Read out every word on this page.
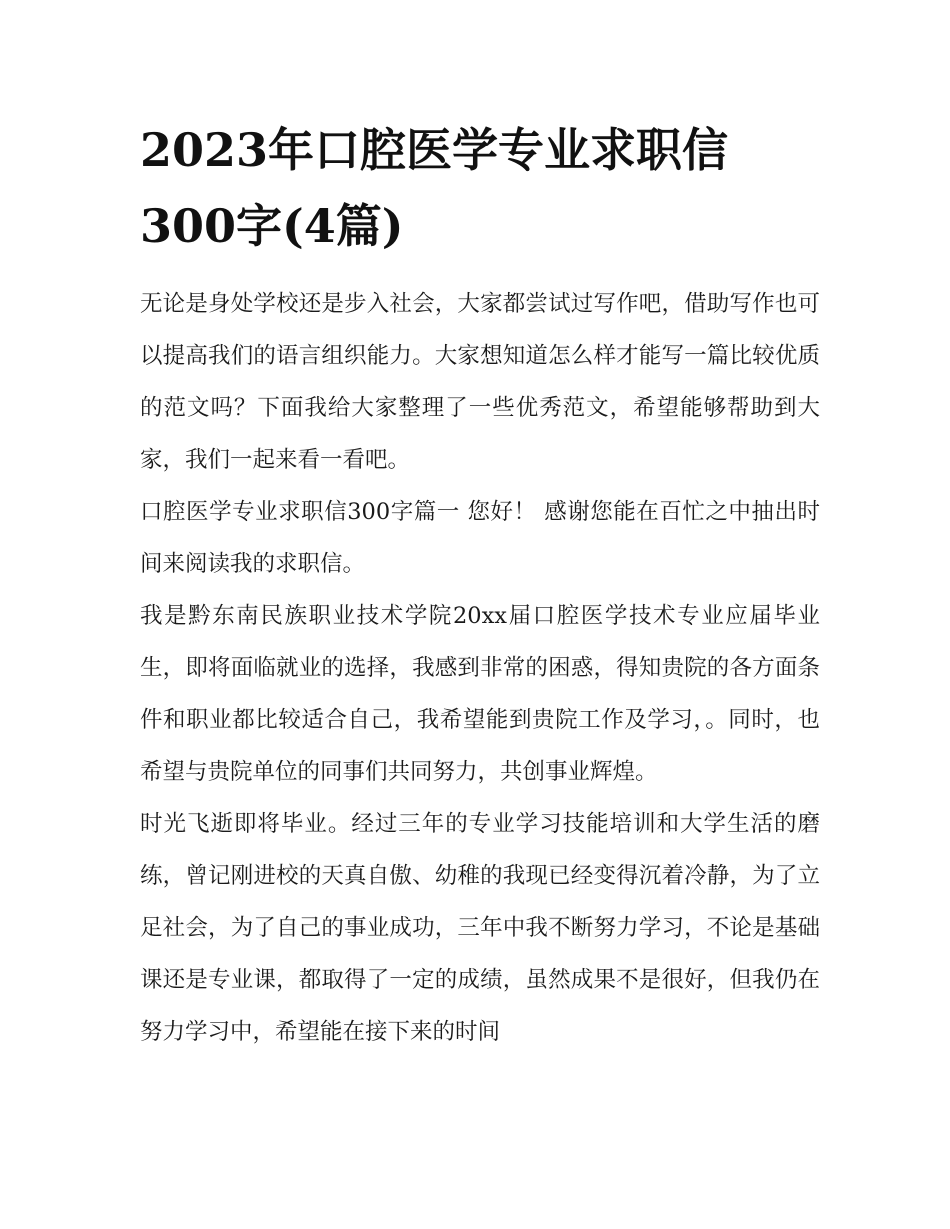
2023年口腔医学专业求职信
300字(4篇)

无论是身处学校还是步入社会，大家都尝试过写作吧，借助写作也可以提高我们的语言组织能力。大家想知道怎么样才能写一篇比较优质的范文吗？下面我给大家整理了一些优秀范文，希望能够帮助到大家，我们一起来看一看吧。

口腔医学专业求职信300字篇一 您好！ 感谢您能在百忙之中抽出时间来阅读我的求职信。

我是黔东南民族职业技术学院20xx届口腔医学技术专业应届毕业生，即将面临就业的选择，我感到非常的困惑，得知贵院的各方面条件和职业都比较适合自己，我希望能到贵院工作及学习，。同时，也希望与贵院单位的同事们共同努力，共创事业辉煌。

时光飞逝即将毕业。经过三年的专业学习技能培训和大学生活的磨练，曾记刚进校的天真自傲、幼稚的我现已经变得沉着冷静，为了立足社会，为了自己的事业成功，三年中我不断努力学习，不论是基础课还是专业课，都取得了一定的成绩，虽然成果不是很好，但我仍在努力学习中，希望能在接下来的时间
